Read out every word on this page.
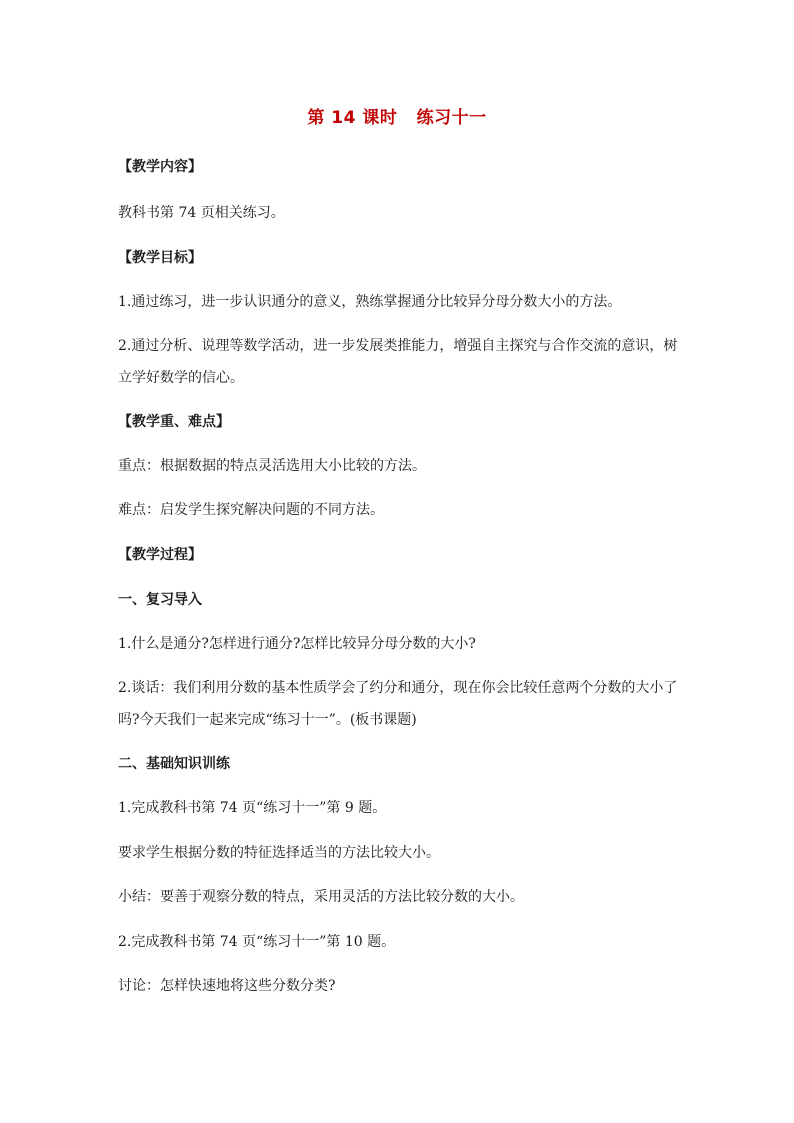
第 14 课时   练习十一
【教学内容】
教科书第 74 页相关练习。
【教学目标】
1.通过练习，进一步认识通分的意义，熟练掌握通分比较异分母分数大小的方法。
2.通过分析、说理等数学活动，进一步发展类推能力，增强自主探究与合作交流的意识，树
立学好数学的信心。
【教学重、难点】
重点：根据数据的特点灵活选用大小比较的方法。
难点：启发学生探究解决问题的不同方法。
【教学过程】
一、复习导入
1.什么是通分?怎样进行通分?怎样比较异分母分数的大小?
2.谈话：我们利用分数的基本性质学会了约分和通分，现在你会比较任意两个分数的大小了
吗?今天我们一起来完成“练习十一”。(板书课题)
二、基础知识训练
1.完成教科书第 74 页“练习十一”第 9 题。
要求学生根据分数的特征选择适当的方法比较大小。
小结：要善于观察分数的特点，采用灵活的方法比较分数的大小。
2.完成教科书第 74 页“练习十一”第 10 题。
讨论：怎样快速地将这些分数分类?
